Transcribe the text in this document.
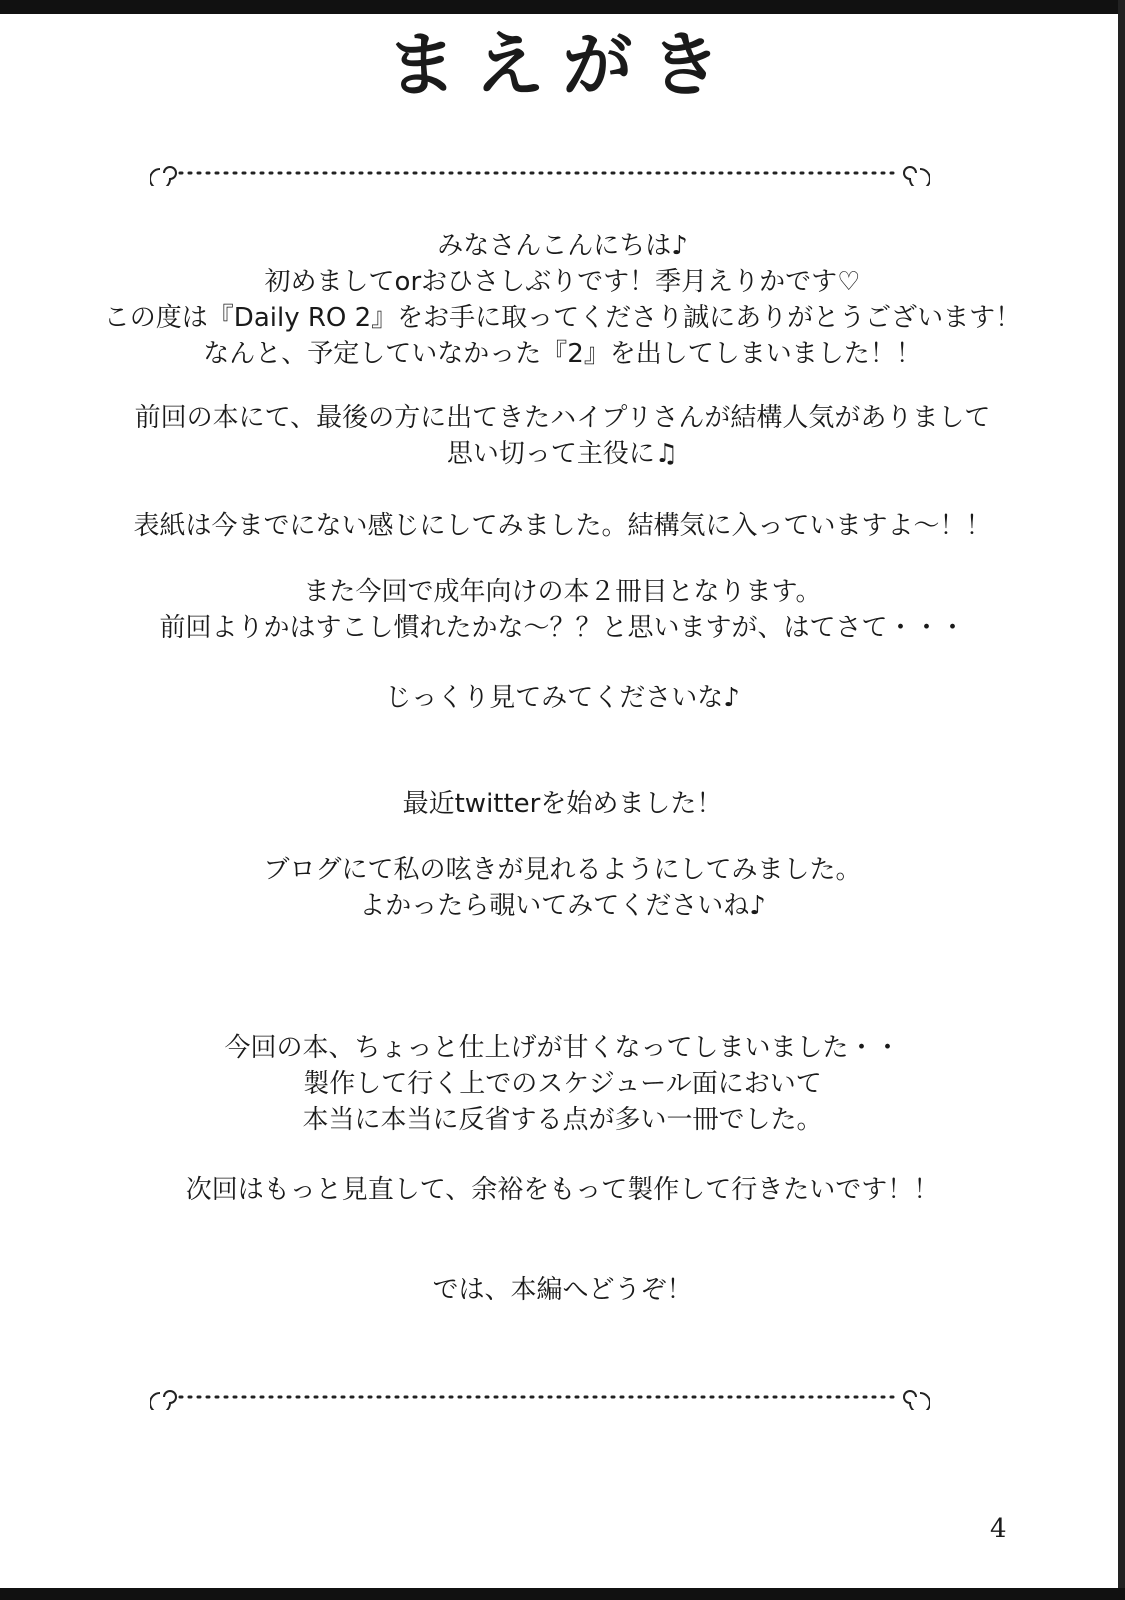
まえがき
みなさんこんにちは♪
初めましてorおひさしぶりです！季月えりかです♡
この度は『Daily RO 2』をお手に取ってくださり誠にありがとうございます！
なんと、予定していなかった『2』を出してしまいました！！
前回の本にて、最後の方に出てきたハイプリさんが結構人気がありまして
思い切って主役に♫
表紙は今までにない感じにしてみました。結構気に入っていますよ～！！
また今回で成年向けの本２冊目となります。
前回よりかはすこし慣れたかな～？？と思いますが、はてさて・・・
じっくり見てみてくださいな♪
最近twitterを始めました！
ブログにて私の呟きが見れるようにしてみました。
よかったら覗いてみてくださいね♪
今回の本、ちょっと仕上げが甘くなってしまいました・・
製作して行く上でのスケジュール面において
本当に本当に反省する点が多い一冊でした。
次回はもっと見直して、余裕をもって製作して行きたいです！！
では、本編へどうぞ！
4
